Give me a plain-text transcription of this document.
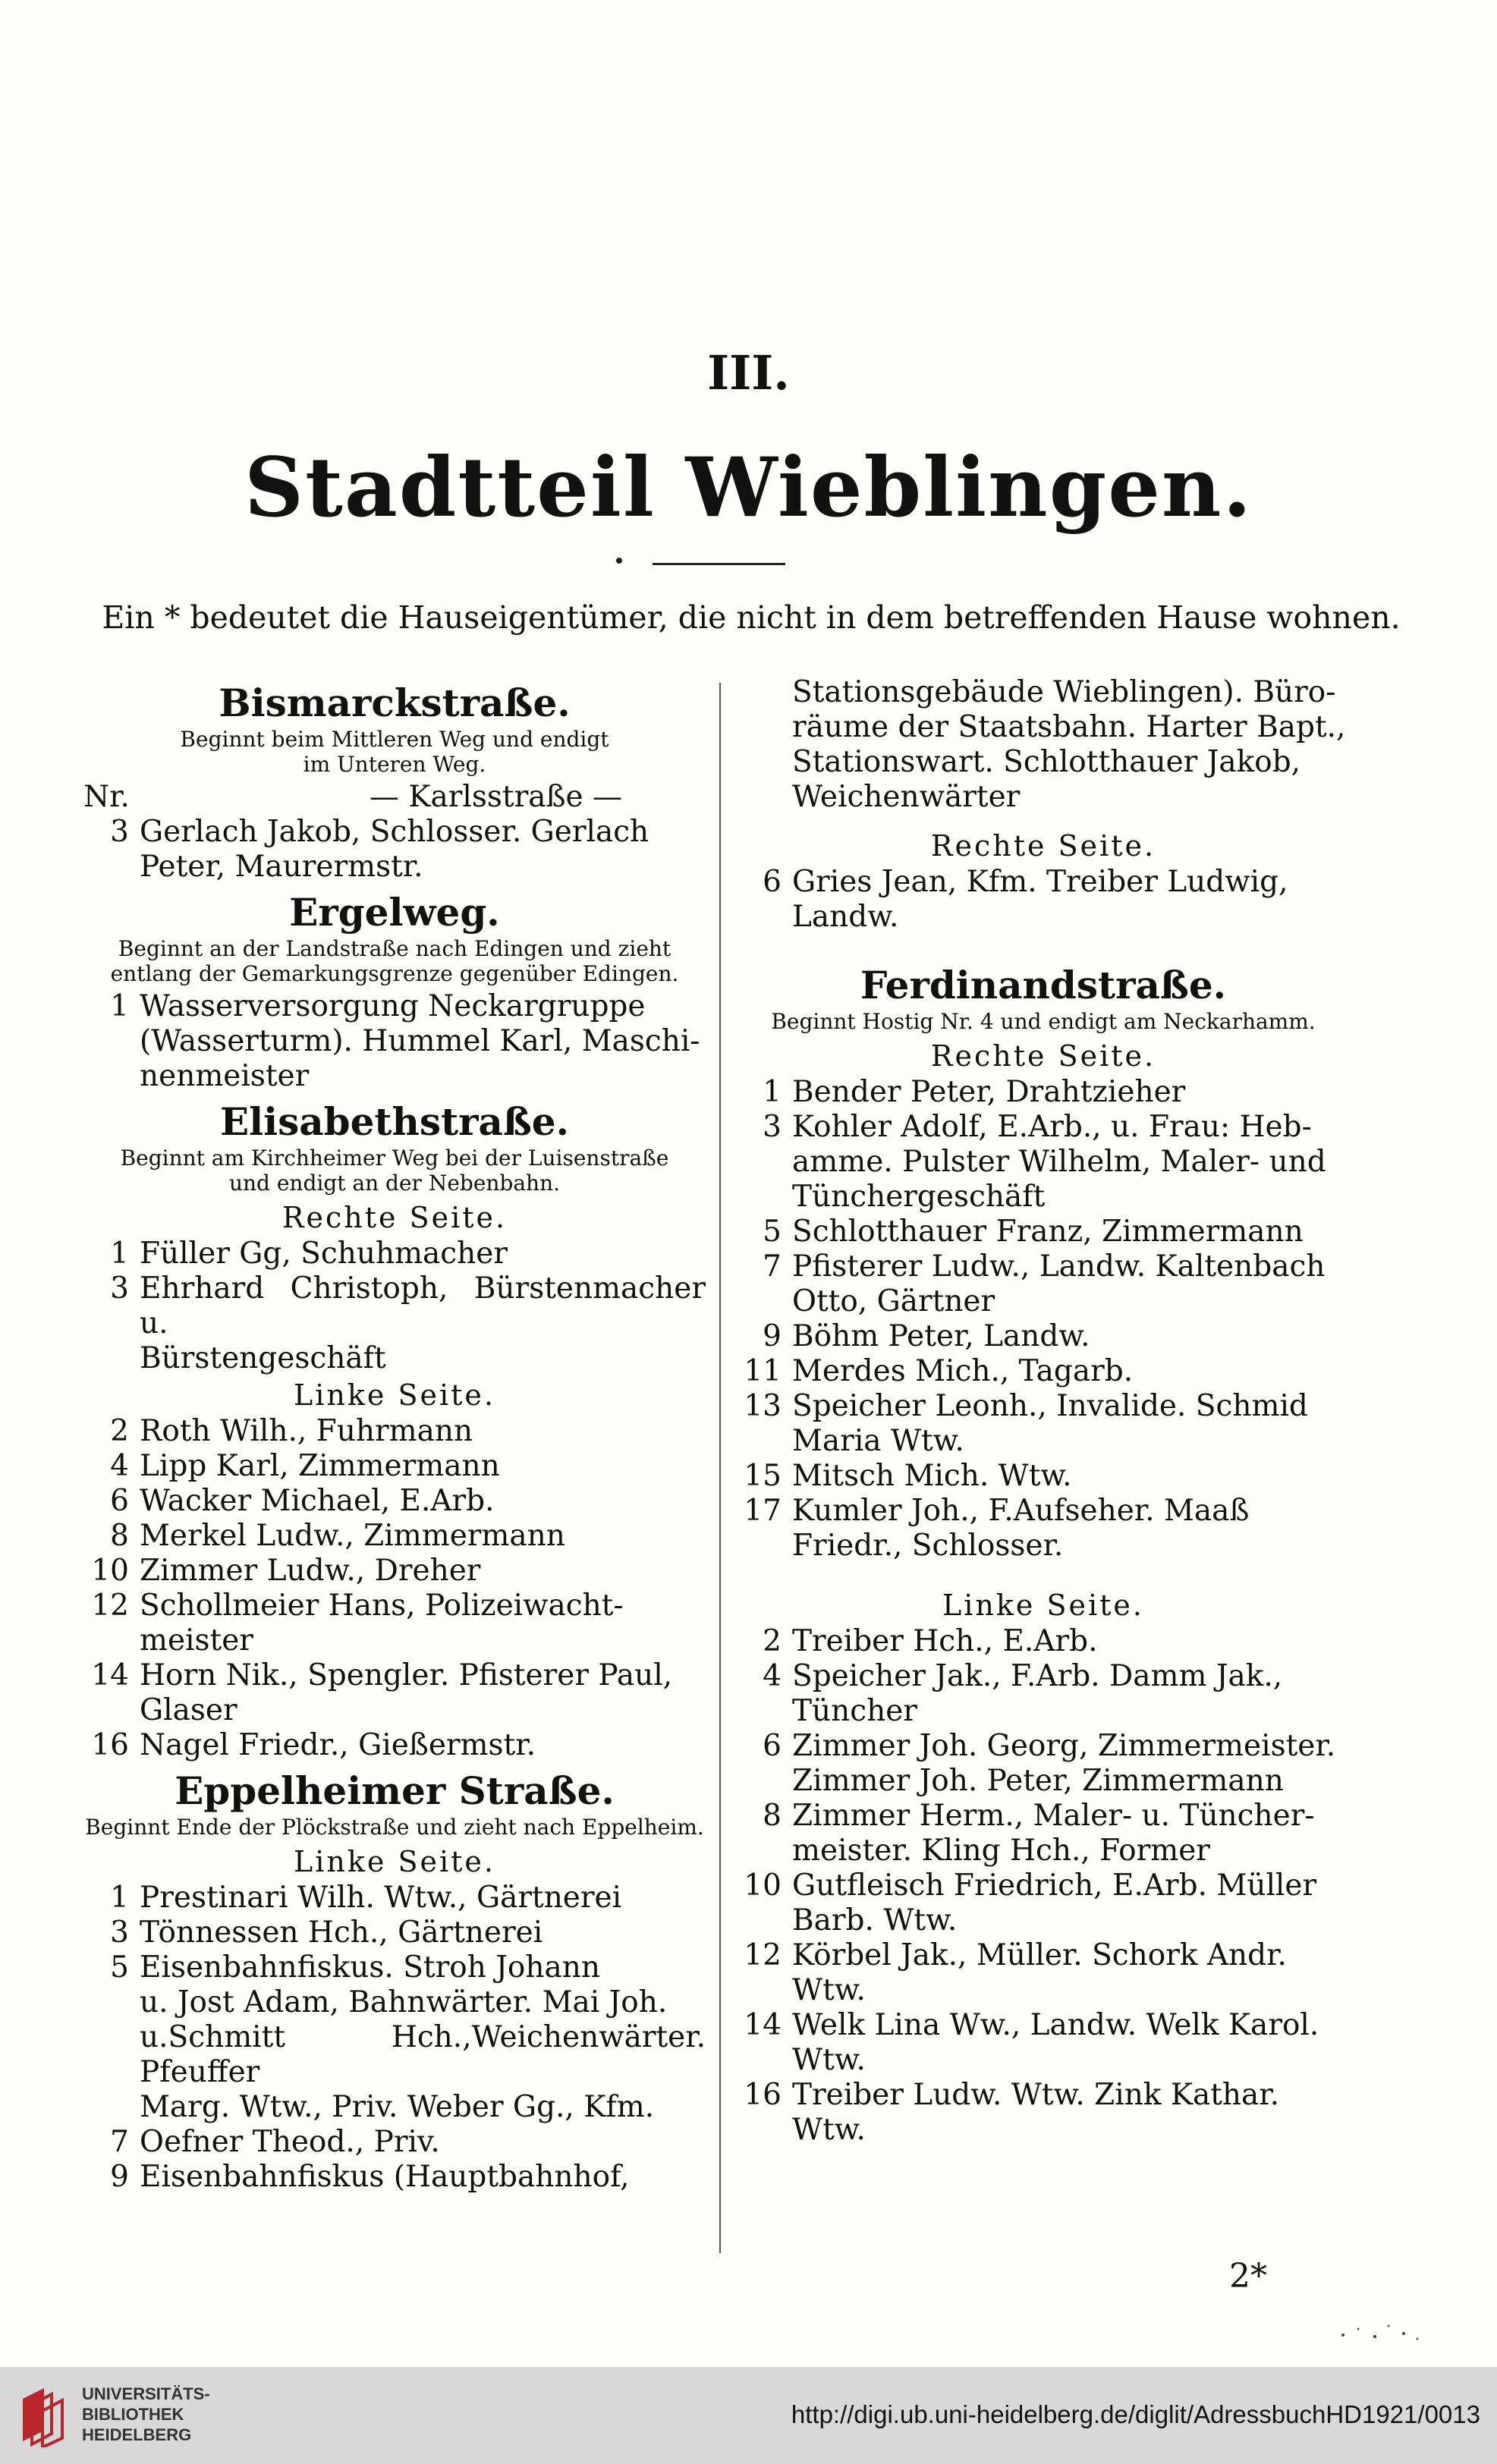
III.
Stadtteil Wieblingen.
Ein * bedeutet die Hauseigentümer, die nicht in dem betreffenden Hause wohnen.
Bismarckstraße.
Beginnt beim Mittleren Weg und endigt
im Unteren Weg.
Nr.	— Karlsstraße —
3 Gerlach Jakob, Schlosser. Gerlach
Peter, Maurermstr.
Ergelweg.
Beginnt an der Landstraße nach Edingen und zieht
entlang der Gemarkungsgrenze gegenüber Edingen.
1 Wasserversorgung Neckargruppe
(Wasserturm). Hummel Karl, Maschi-
nenmeister
Elisabethstraße.
Beginnt am Kirchheimer Weg bei der Luisenstraße
und endigt an der Nebenbahn.
Rechte Seite.
1 Füller Gg, Schuhmacher
3 Ehrhard Christoph, Bürstenmacher u.
Bürstengeschäft
Linke Seite.
2 Roth Wilh., Fuhrmann
4 Lipp Karl, Zimmermann
6 Wacker Michael, E.Arb.
8 Merkel Ludw., Zimmermann
10 Zimmer Ludw., Dreher
12 Schollmeier Hans, Polizeiwacht-
meister
14 Horn Nik., Spengler. Pfisterer Paul,
Glaser
16 Nagel Friedr., Gießermstr.
Eppelheimer Straße.
Beginnt Ende der Plöckstraße und zieht nach Eppelheim.
Linke Seite.
1 Prestinari Wilh. Wtw., Gärtnerei
3 Tönnessen Hch., Gärtnerei
5 Eisenbahnfiskus. Stroh Johann
u. Jost Adam, Bahnwärter. Mai Joh.
u.Schmitt Hch.,Weichenwärter. Pfeuffer
Marg. Wtw., Priv. Weber Gg., Kfm.
7 Oefner Theod., Priv.
9 Eisenbahnfiskus (Hauptbahnhof,
Stationsgebäude Wieblingen). Büro-
räume der Staatsbahn. Harter Bapt.,
Stationswart. Schlotthauer Jakob,
Weichenwärter
Rechte Seite.
6 Gries Jean, Kfm. Treiber Ludwig,
Landw.
Ferdinandstraße.
Beginnt Hostig Nr. 4 und endigt am Neckarhamm.
Rechte Seite.
1 Bender Peter, Drahtzieher
3 Kohler Adolf, E.Arb., u. Frau: Heb-
amme. Pulster Wilhelm, Maler- und
Tünchergeschäft
5 Schlotthauer Franz, Zimmermann
7 Pfisterer Ludw., Landw. Kaltenbach
Otto, Gärtner
9 Böhm Peter, Landw.
11 Merdes Mich., Tagarb.
13 Speicher Leonh., Invalide. Schmid
Maria Wtw.
15 Mitsch Mich. Wtw.
17 Kumler Joh., F.Aufseher. Maaß
Friedr., Schlosser.
Linke Seite.
2 Treiber Hch., E.Arb.
4 Speicher Jak., F.Arb. Damm Jak.,
Tüncher
6 Zimmer Joh. Georg, Zimmermeister.
Zimmer Joh. Peter, Zimmermann
8 Zimmer Herm., Maler- u. Tüncher-
meister. Kling Hch., Former
10 Gutfleisch Friedrich, E.Arb. Müller
Barb. Wtw.
12 Körbel Jak., Müller. Schork Andr.
Wtw.
14 Welk Lina Ww., Landw. Welk Karol.
Wtw.
16 Treiber Ludw. Wtw. Zink Kathar.
Wtw.
2*
UNIVERSITÄTS-
BIBLIOTHEK
HEIDELBERG
http://digi.ub.uni-heidelberg.de/diglit/AdressbuchHD1921/0013
